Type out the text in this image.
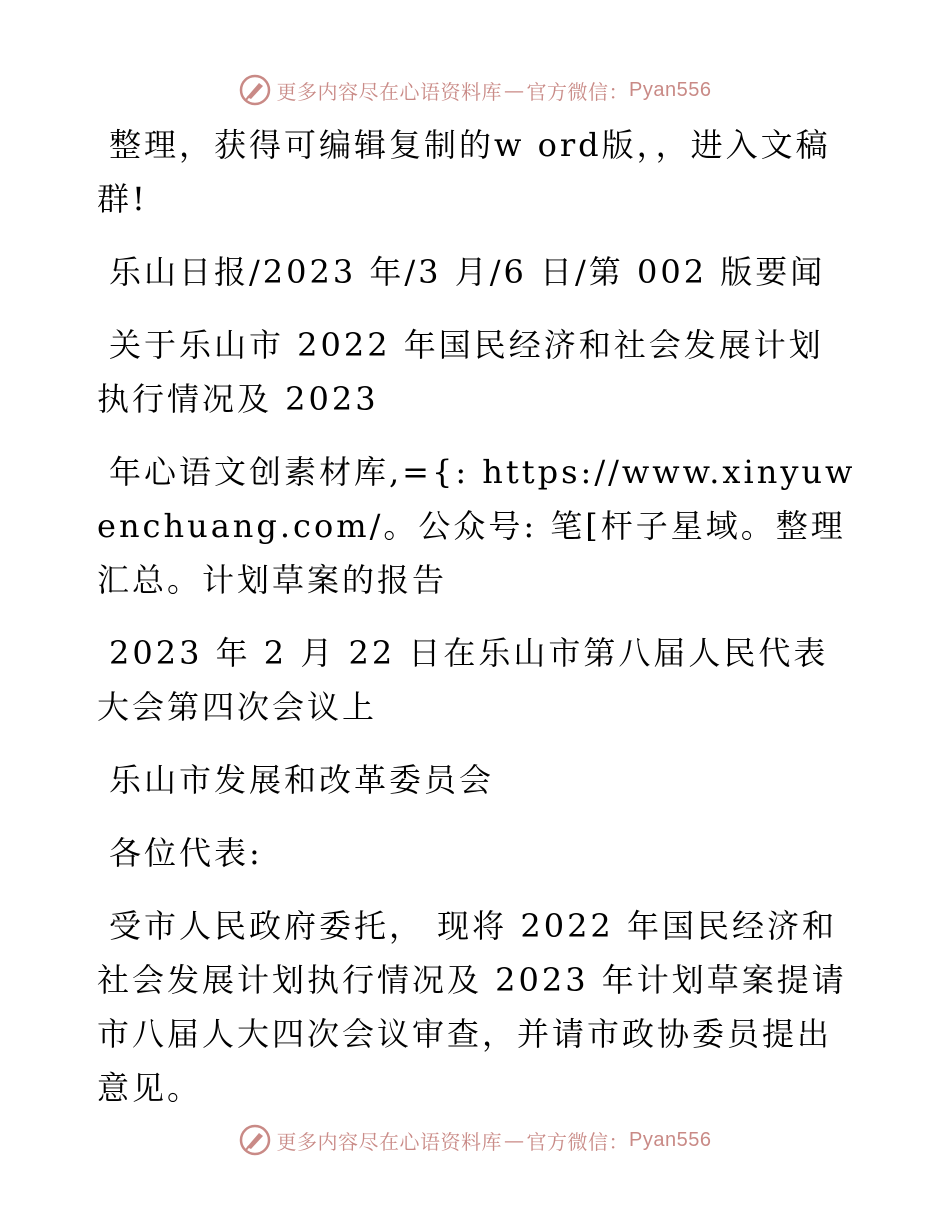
更多内容尽在心语资料库 — 官方微信： Pyan556

整理，获得可编辑复制的w ord版，，进入文稿群!

乐山日报/2023 年/3 月/6 日/第 002 版要闻

关于乐山市 2022 年国民经济和社会发展计划执行情况及 2023

年心语文创素材库,={: https://www.xinyuwenchuang.com/。公众号: 笔[杆子星域。整理汇总。计划草案的报告

2023 年 2 月 22 日在乐山市第八届人民代表大会第四次会议上

乐山市发展和改革委员会

各位代表:

受市人民政府委托， 现将 2022 年国民经济和社会发展计划执行情况及 2023 年计划草案提请市八届人大四次会议审查，并请市政协委员提出意见。

更多内容尽在心语资料库 — 官方微信： Pyan556
